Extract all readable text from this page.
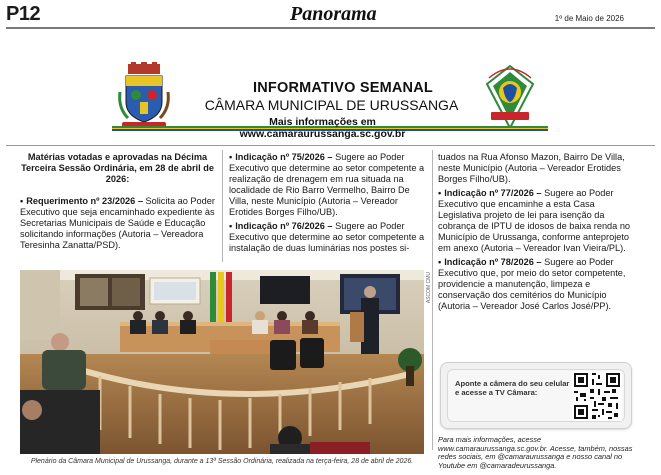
P12	Panorama	1º de Maio de 2026
INFORMATIVO SEMANAL
CÂMARA MUNICIPAL DE URUSSANGA
Mais informações em www.camaraurussanga.sc.gov.br
Matérias votadas e aprovadas na Décima Terceira Sessão Ordinária, em 28 de abril de 2026:
• Requerimento nº 23/2026 – Solicita ao Poder Executivo que seja encaminhado expediente às Secretarias Municipais de Saúde e Educação solicitando informações (Autoria – Vereadora Teresinha Zanatta/PSD).
• Indicação nº 75/2026 – Sugere ao Poder Executivo que determine ao setor competente a realização de drenagem em rua situada na localidade de Rio Barro Vermelho, Bairro De Villa, neste Município (Autoria – Vereador Erotides Borges Filho/UB).
• Indicação nº 76/2026 – Sugere ao Poder Executivo que determine ao setor competente a instalação de duas luminárias nos postes si-
tuados na Rua Afonso Mazon, Bairro De Villa, neste Município (Autoria – Vereador Erotides Borges Filho/UB).
• Indicação nº 77/2026 – Sugere ao Poder Executivo que encaminhe a esta Casa Legislativa projeto de lei para isenção da cobrança de IPTU de idosos de baixa renda no Município de Urussanga, conforme anteprojeto em anexo (Autoria – Vereador Ivan Vieira/PL).
• Indicação nº 78/2026 – Sugere ao Poder Executivo que, por meio do setor competente, providencie a manutenção, limpeza e conservação dos cemitérios do Município (Autoria – Vereador José Carlos José/PP).
ASCOM CMU
Plenário da Câmara Municipal de Urussanga, durante a 13ª Sessão Ordinária, realizada na terça-feira, 28 de abril de 2026.
Aponte a câmera do seu celular e acesse a TV Câmara:
Para mais informações, acesse www.camaraurussanga.sc.gov.br. Acesse, também, nossas redes sociais, em @camaraurussanga e nosso canal no Youtube em @camaradeurussanga.
